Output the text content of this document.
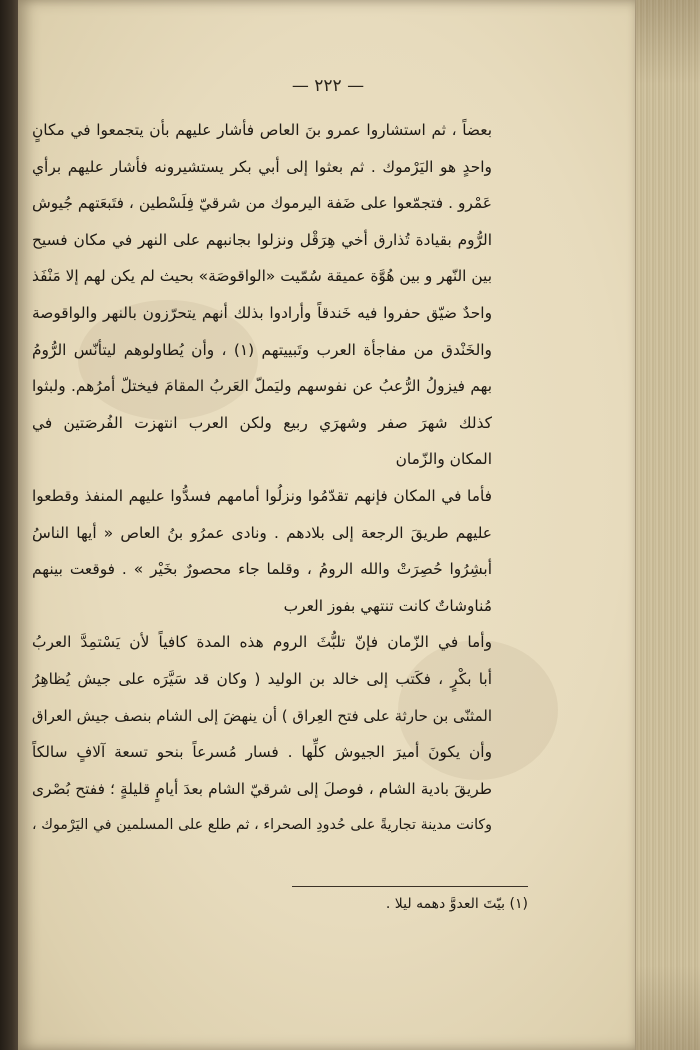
— ٢٢٢ —
بعضاً ، ثم استشاروا عمرو بنَ العاص فأشار عليهم بأن يتجمعوا في مكانٍ
واحدٍ هو اليَرْموك . ثم بعثوا إلى أبي بكر يستشيرونه فأشار عليهم برأي
عَمْرو . فتجمّعوا على ضَفة اليرموك من شرقيّ فِلَسْطين ، فتَبعَتهم جُيوش
الرُّوم بقيادة تُذارق أخي هِرَقْل ونزلوا بجانبهم على النهر في مكان فسيح
بين النّهر و بين هُوَّة عميقة سُمّيت «الواقوصَة» بحيث لم يكن لهم إلا مَنْفَذ
واحدٌ ضيّق حفروا فيه خَندقاً وأرادوا بذلك أنهم يتحرّزون بالنهر والواقوصة
والخَنْدق من مفاجأة العرب وتَبييتهم (١) ، وأن يُطاولوهم ليتأنّس الرُّومُ
بهم فيزولُ الرُّعبُ عن نفوسهم وليَملّ العَربُ المقامَ فيختلّ أمرُهم. ولبثوا
كذلك شهرَ صفر وشهرَي ربيع ولكن العرب انتهزت الفُرصَتين في
المكان والزّمان
فأما في المكان فإنهم تقدّمُوا ونزلُوا أمامهم فسدُّوا عليهم المنفذ وقطعوا
عليهم طريقَ الرجعة إلى بلادهم . ونادى عمرُو بنُ العاص « أيها الناسُ
أبشِرُوا حُصِرَتْ والله الرومُ ، وقلما جاء محصورٌ بخَيْر » . فوقعت بينهم
مُناوشاتٌ كانت تنتهي بفوز العرب
وأما في الزّمان فإنّ تلبُّثَ الروم هذه المدة كافياً لأن يَسْتمِدَّ العربُ
أبا بكْرٍ ، فكَتب إلى خالد بن الوليد ( وكان قد سَيَّرَه على جيش يُظاهِرُ
المثنّى بن حارثة على فتح العِراق ) أن ينهضَ إلى الشام بنصف جيش العراق
وأن يكونَ أميرَ الجيوش كلِّها . فسار مُسرعاً بنحو تسعة آلافٍ سالكاً
طريقَ بادية الشام ، فوصلَ إلى شرقيّ الشام بعدَ أيامٍ قليلةٍ ؛ ففتح بُصْرى
وكانت مدينة تجاريةً على حُدودِ الصحراء ، ثم طلع على المسلمين في اليَرْموك ،
(١) بيّتَ العدوَّ دهمه ليلا .
